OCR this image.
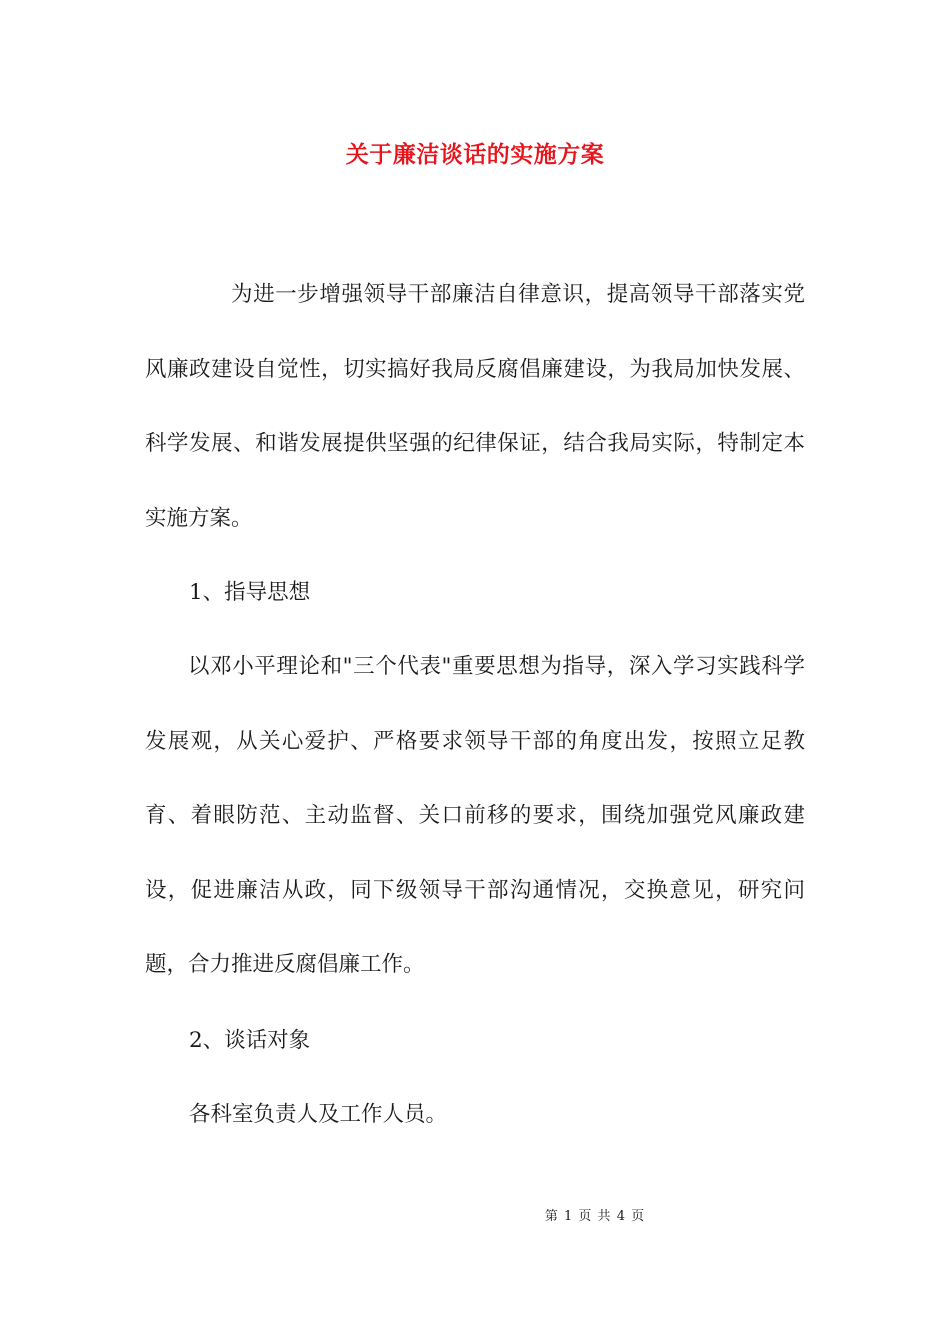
关于廉洁谈话的实施方案
为进一步增强领导干部廉洁自律意识，提高领导干部落实党风廉政建设自觉性，切实搞好我局反腐倡廉建设，为我局加快发展、科学发展、和谐发展提供坚强的纪律保证，结合我局实际，特制定本实施方案。
1、指导思想
以邓小平理论和"三个代表"重要思想为指导，深入学习实践科学发展观，从关心爱护、严格要求领导干部的角度出发，按照立足教育、着眼防范、主动监督、关口前移的要求，围绕加强党风廉政建设，促进廉洁从政，同下级领导干部沟通情况，交换意见，研究问题，合力推进反腐倡廉工作。
2、谈话对象
各科室负责人及工作人员。
第 1 页 共 4 页
